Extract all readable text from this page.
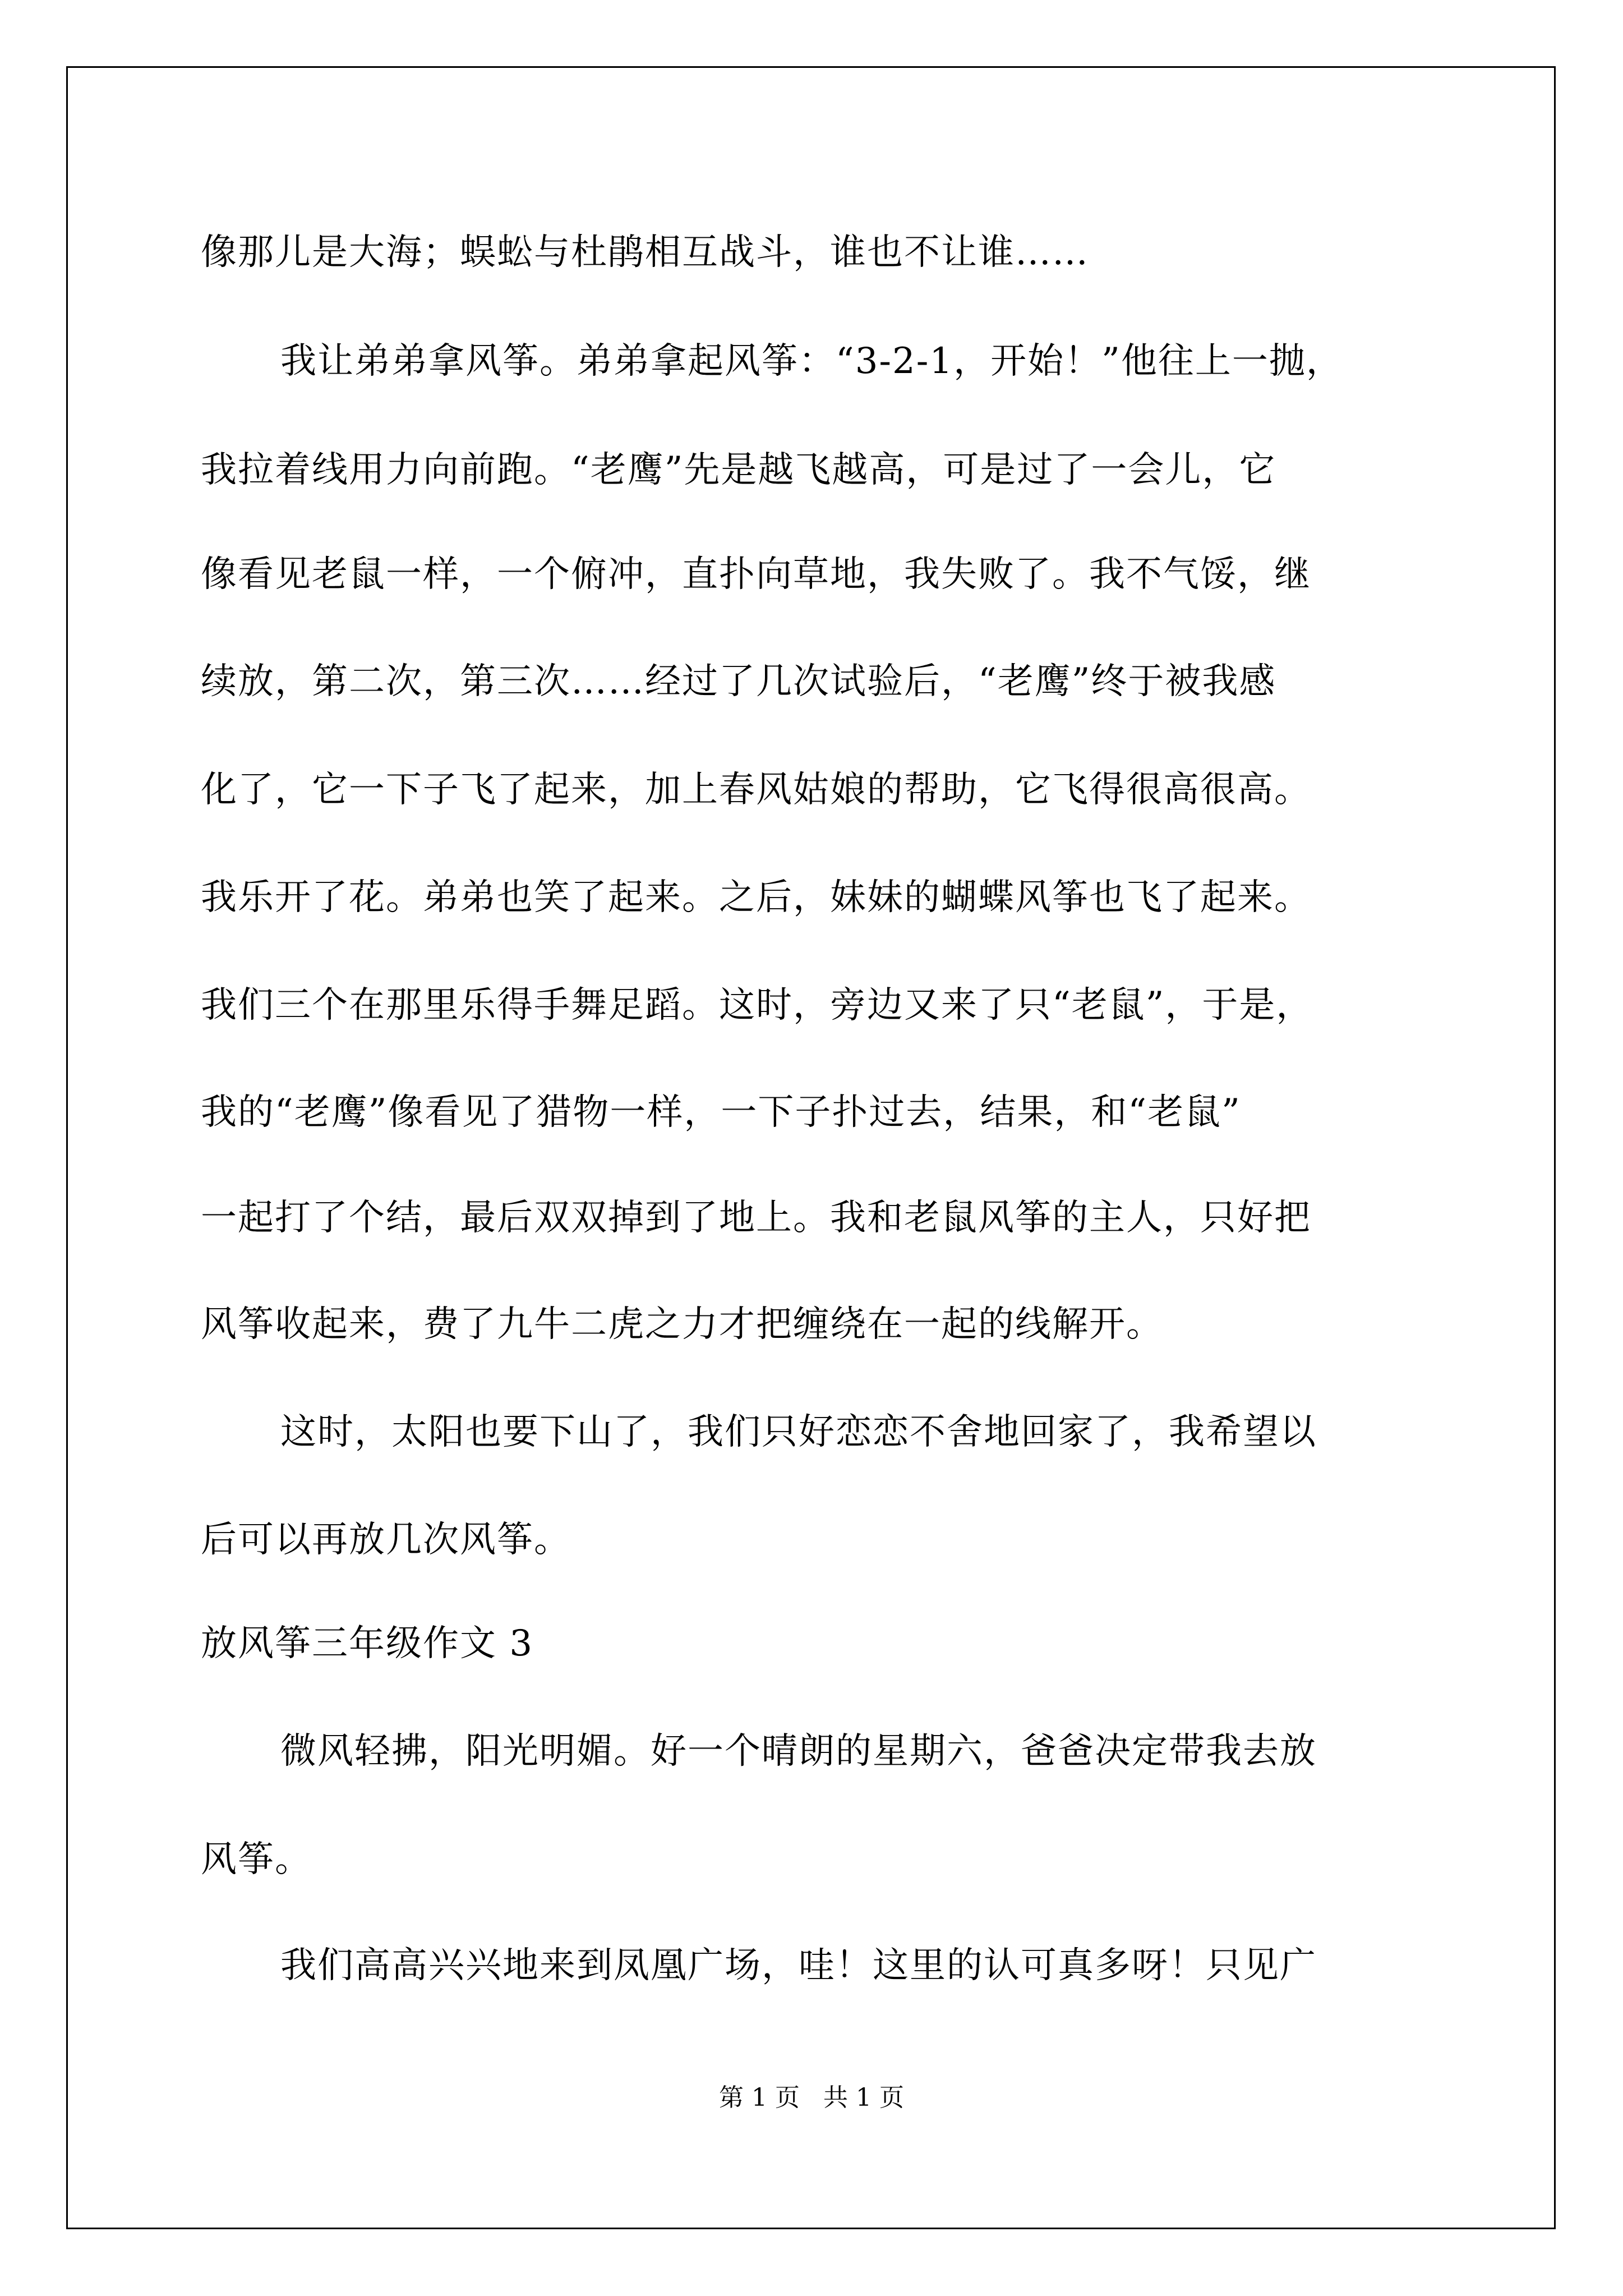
像那儿是大海；蜈蚣与杜鹃相互战斗，谁也不让谁……
我让弟弟拿风筝。弟弟拿起风筝：“3-2-1，开始！”他往上一抛，
我拉着线用力向前跑。“老鹰”先是越飞越高，可是过了一会儿，它
像看见老鼠一样，一个俯冲，直扑向草地，我失败了。我不气馁，继
续放，第二次，第三次……经过了几次试验后，“老鹰”终于被我感
化了，它一下子飞了起来，加上春风姑娘的帮助，它飞得很高很高。
我乐开了花。弟弟也笑了起来。之后，妹妹的蝴蝶风筝也飞了起来。
我们三个在那里乐得手舞足蹈。这时，旁边又来了只“老鼠”，于是，
我的“老鹰”像看见了猎物一样，一下子扑过去，结果，和“老鼠”
一起打了个结，最后双双掉到了地上。我和老鼠风筝的主人，只好把
风筝收起来，费了九牛二虎之力才把缠绕在一起的线解开。
这时，太阳也要下山了，我们只好恋恋不舍地回家了，我希望以
后可以再放几次风筝。
放风筝三年级作文 3
微风轻拂，阳光明媚。好一个晴朗的星期六，爸爸决定带我去放
风筝。
我们高高兴兴地来到凤凰广场，哇！这里的认可真多呀！只见广
第 1 页   共 1 页
